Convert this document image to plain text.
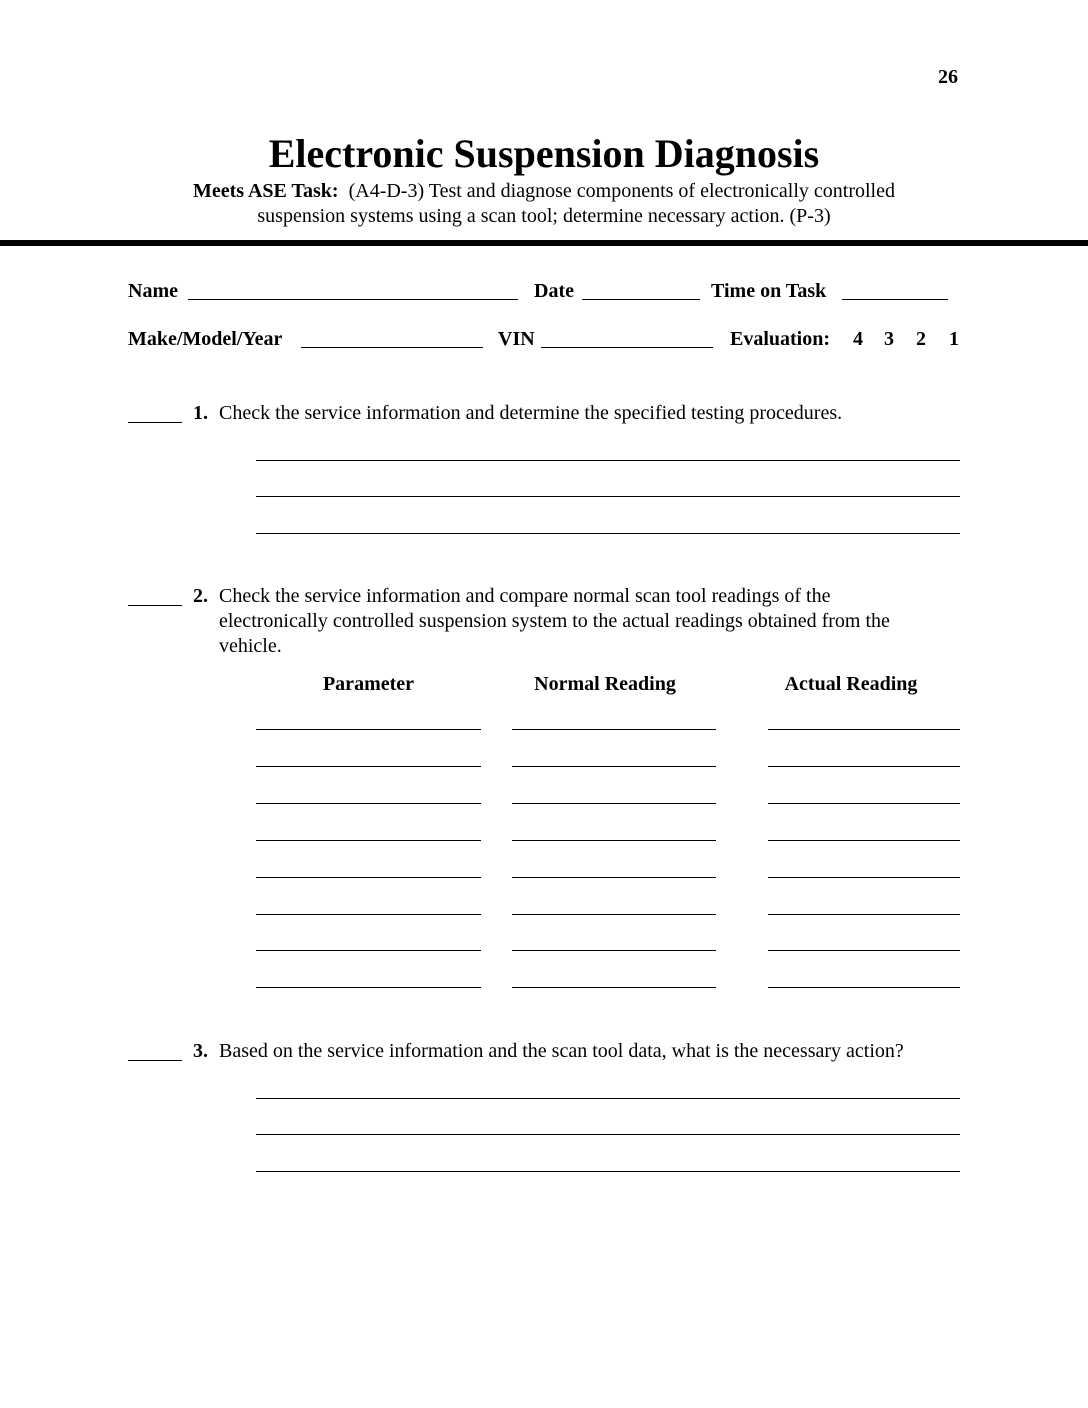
26
Electronic Suspension Diagnosis
Meets ASE Task: (A4-D-3) Test and diagnose components of electronically controlled
suspension systems using a scan tool; determine necessary action. (P-3)
Name	Date	Time on Task
Make/Model/Year	VIN	Evaluation: 4 3 2 1
1. Check the service information and determine the specified testing procedures.
2. Check the service information and compare normal scan tool readings of the
electronically controlled suspension system to the actual readings obtained from the
vehicle.
Parameter	Normal Reading	Actual Reading
3. Based on the service information and the scan tool data, what is the necessary action?
